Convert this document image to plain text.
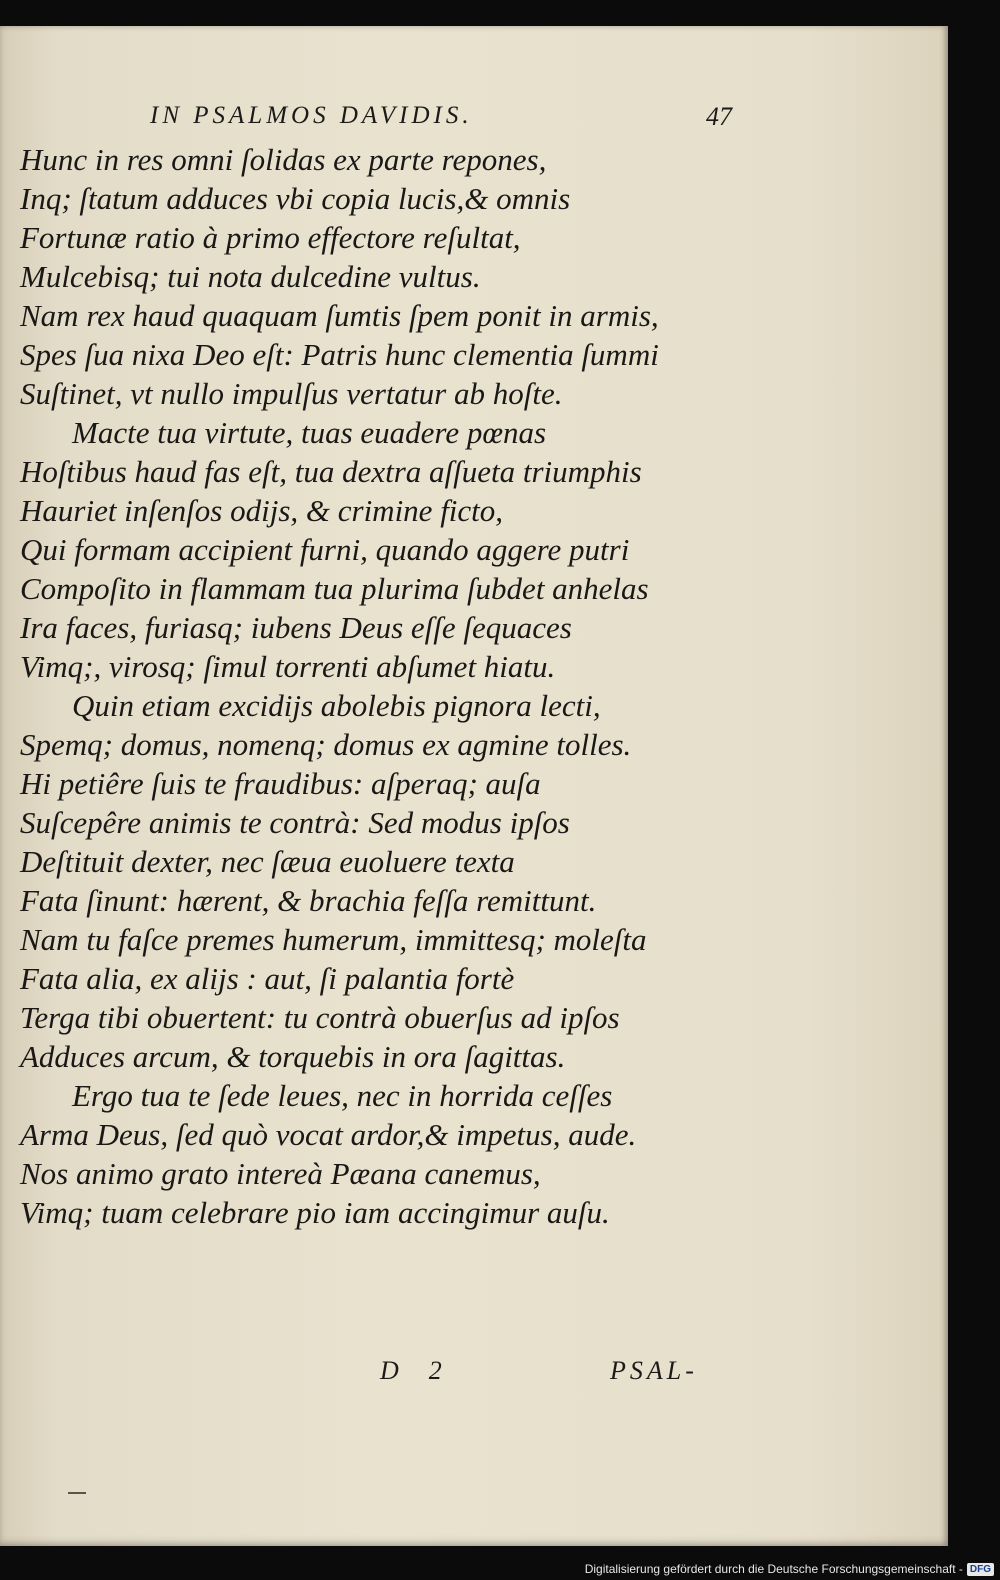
IN PSALMOS DAVIDIS.	47
Hunc in res omni ſolidas ex parte repones,
Inq; ſtatum adduces vbi copia lucis,& omnis
Fortunæ ratio à primo effectore reſultat,
Mulcebisq; tui nota dulcedine vultus.
Nam rex haud quaquam ſumtis ſpem ponit in armis,
Spes ſua nixa Deo eſt: Patris hunc clementia ſummi
Suſtinet, vt nullo impulſus vertatur ab hoſte.
Macte tua virtute, tuas euadere pœnas
Hoſtibus haud fas eſt, tua dextra aſſueta triumphis
Hauriet inſenſos odijs, & crimine ficto,
Qui formam accipient furni, quando aggere putri
Compoſito in flammam tua plurima ſubdet anhelas
Ira faces, furiasq; iubens Deus eſſe ſequaces
Vimq;, virosq; ſimul torrenti abſumet hiatu.
Quin etiam excidijs abolebis pignora lecti,
Spemq; domus, nomenq; domus ex agmine tolles.
Hi petiêre ſuis te fraudibus: aſperaq; auſa
Suſcepêre animis te contrà: Sed modus ipſos
Deſtituit dexter, nec ſæua euoluere texta
Fata ſinunt: hærent, & brachia feſſa remittunt.
Nam tu faſce premes humerum, immittesq; moleſta
Fata alia, ex alijs : aut, ſi palantia fortè
Terga tibi obuertent: tu contrà obuerſus ad ipſos
Adduces arcum, & torquebis in ora ſagittas.
Ergo tua te ſede leues, nec in horrida ceſſes
Arma Deus, ſed quò vocat ardor,& impetus, aude.
Nos animo grato intereà Pæana canemus,
Vimq; tuam celebrare pio iam accingimur auſu.
D 2	PSAL-
Digitalisierung gefördert durch die Deutsche Forschungsgemeinschaft - DFG
